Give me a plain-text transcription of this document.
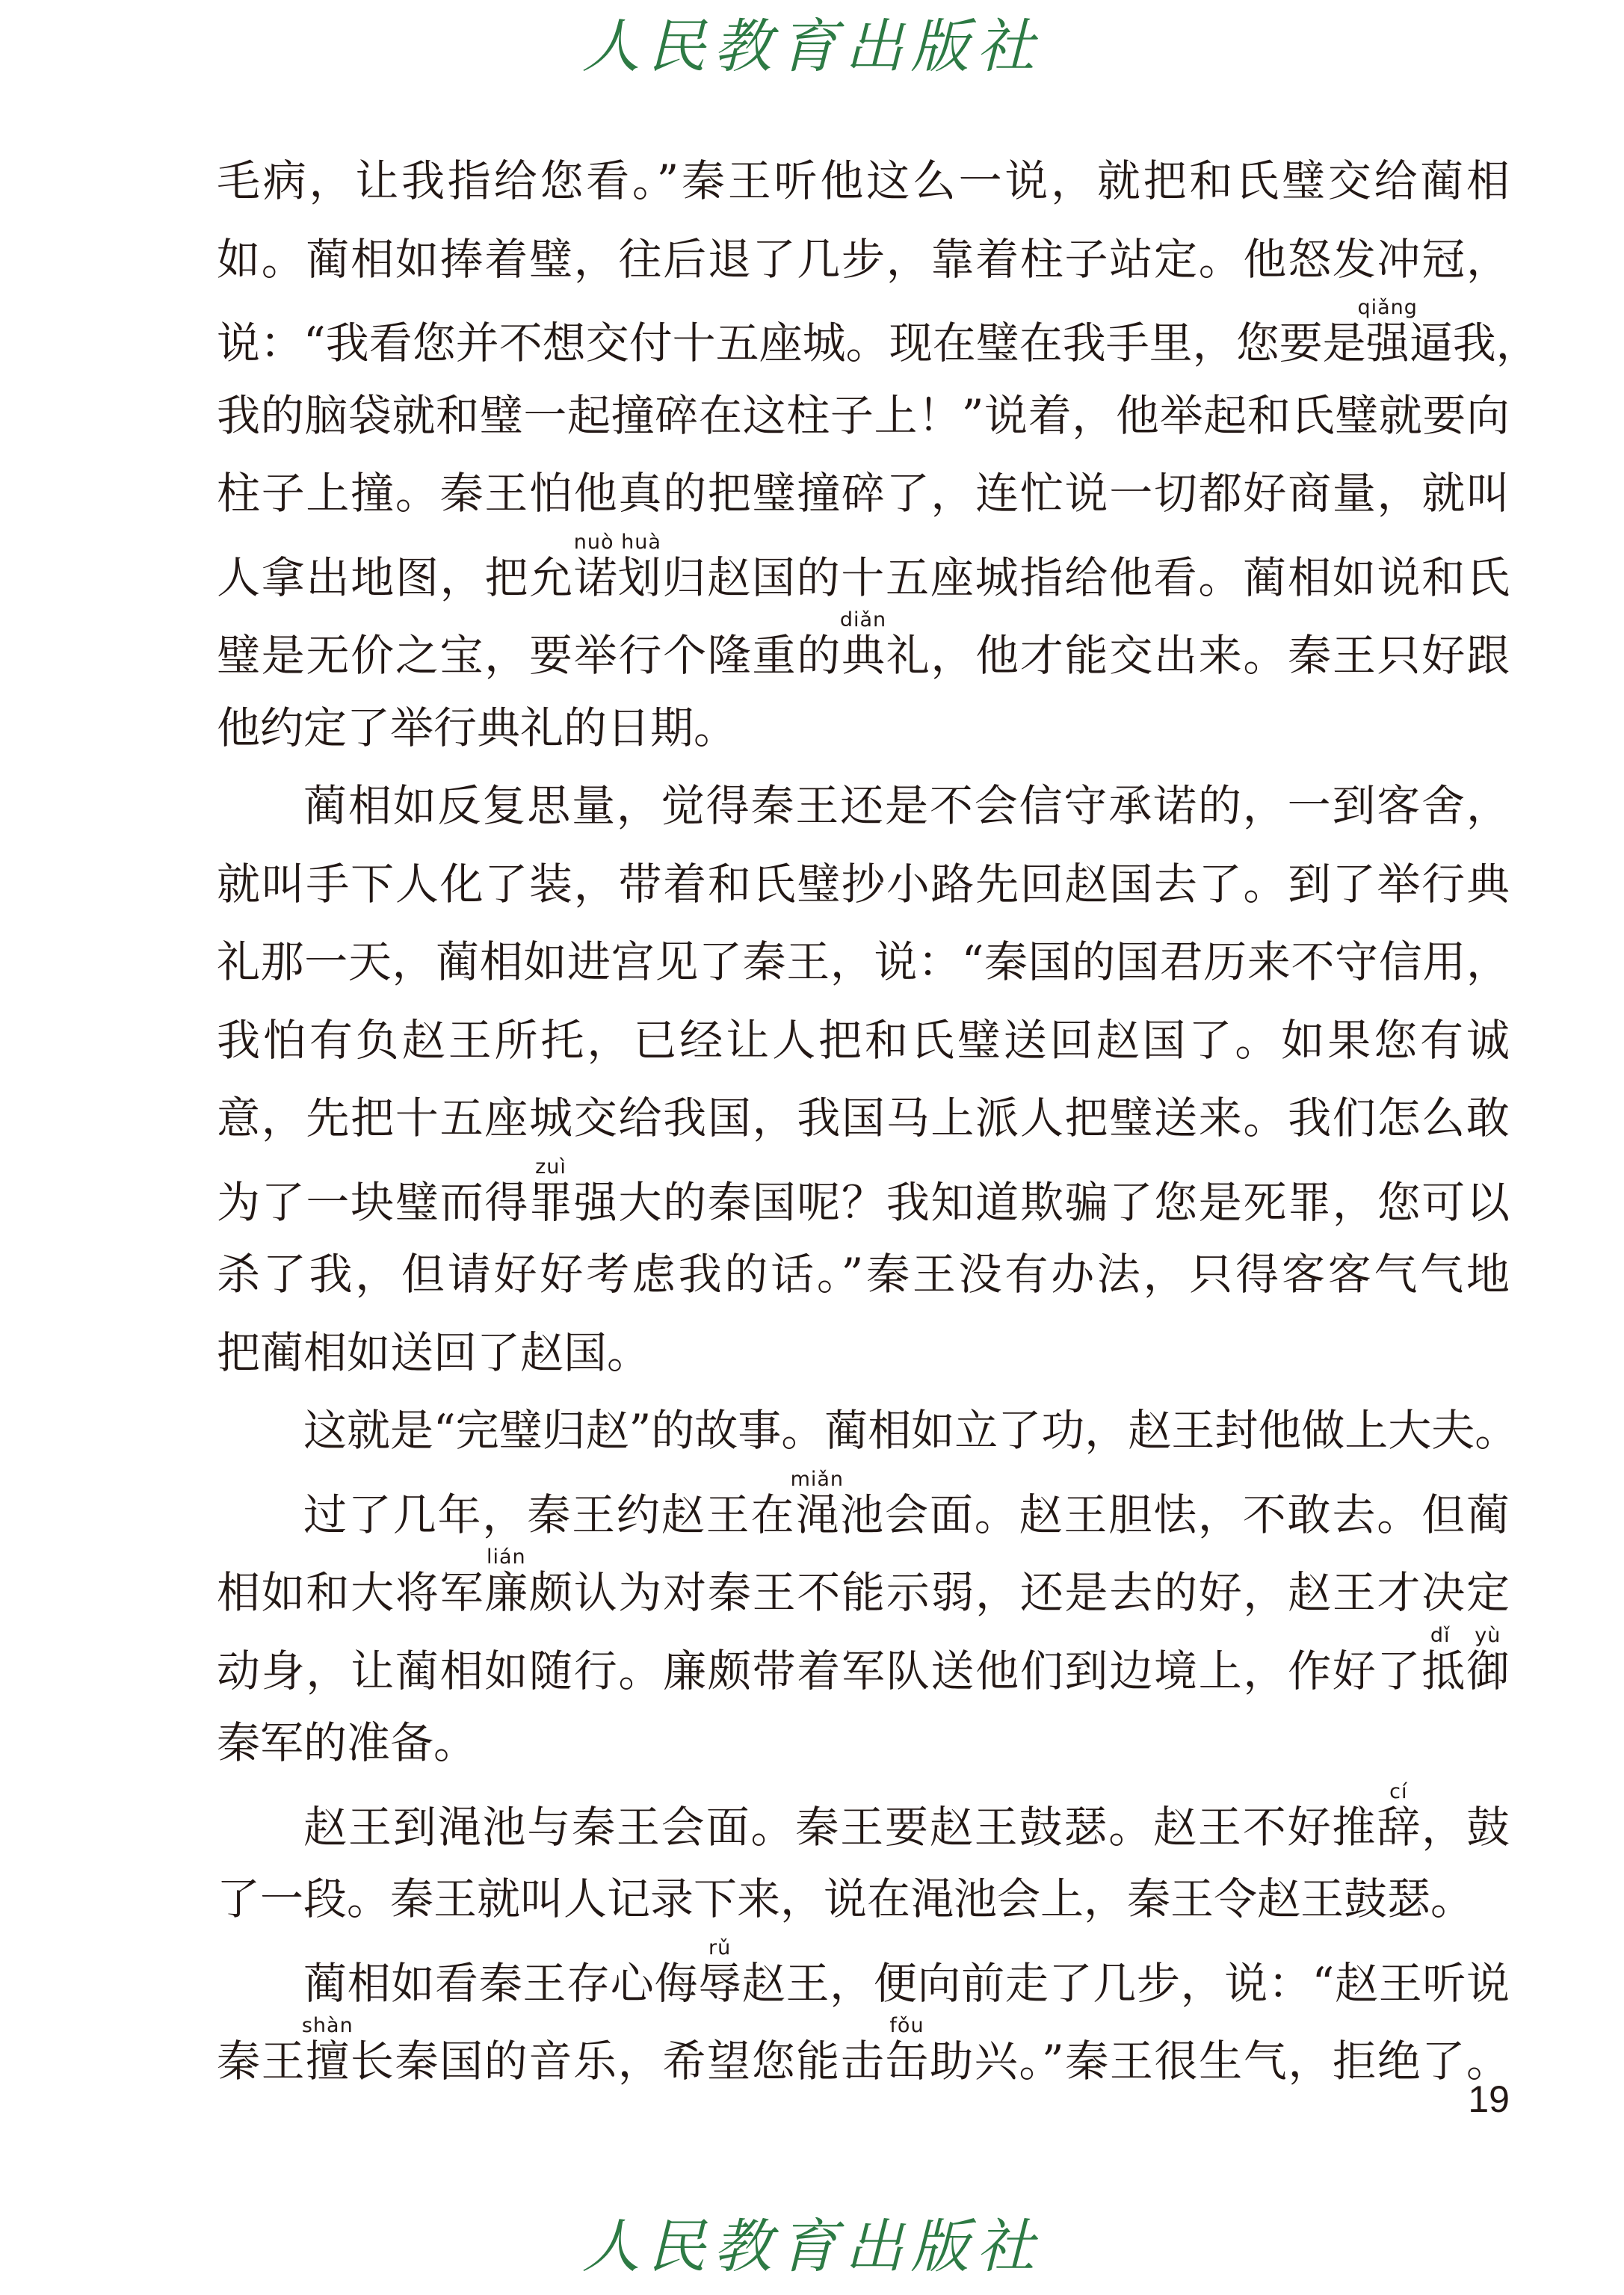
人民教育出版社
毛病，让我指给您看。”秦王听他这么一说，就把和氏璧交给蔺相
如。蔺相如捧着璧，往后退了几步，靠着柱子站定。他怒发冲冠，
说：“我看您并不想交付十五座城。现在璧在我手里，您要是强qiǎng逼我，
我的脑袋就和璧一起撞碎在这柱子上！”说着，他举起和氏璧就要向
柱子上撞。秦王怕他真的把璧撞碎了，连忙说一切都好商量，就叫
人拿出地图，把允诺划nuò huà归赵国的十五座城指给他看。蔺相如说和氏
璧是无价之宝，要举行个隆重的典diǎn礼，他才能交出来。秦王只好跟
他约定了举行典礼的日期。
蔺相如反复思量，觉得秦王还是不会信守承诺的，一到客舍，
就叫手下人化了装，带着和氏璧抄小路先回赵国去了。到了举行典
礼那一天，蔺相如进宫见了秦王，说：“秦国的国君历来不守信用，
我怕有负赵王所托，已经让人把和氏璧送回赵国了。如果您有诚
意，先把十五座城交给我国，我国马上派人把璧送来。我们怎么敢
为了一块璧而得罪zuì强大的秦国呢？我知道欺骗了您是死罪，您可以
杀了我，但请好好考虑我的话。”秦王没有办法，只得客客气气地
把蔺相如送回了赵国。
这就是“完璧归赵”的故事。蔺相如立了功，赵王封他做上大夫。
过了几年，秦王约赵王在渑miǎn池会面。赵王胆怯，不敢去。但蔺
相如和大将军廉lián颇认为对秦王不能示弱，还是去的好，赵王才决定
动身，让蔺相如随行。廉颇带着军队送他们到边境上，作好了抵御dǐ yù
秦军的准备。
赵王到渑池与秦王会面。秦王要赵王鼓瑟。赵王不好推辞cí，鼓
了一段。秦王就叫人记录下来，说在渑池会上，秦王令赵王鼓瑟。
蔺相如看秦王存心侮辱rǔ赵王，便向前走了几步，说：“赵王听说
秦王擅shàn长秦国的音乐，希望您能击缶fǒu助兴。”秦王很生气，拒绝了。
19
人民教育出版社
